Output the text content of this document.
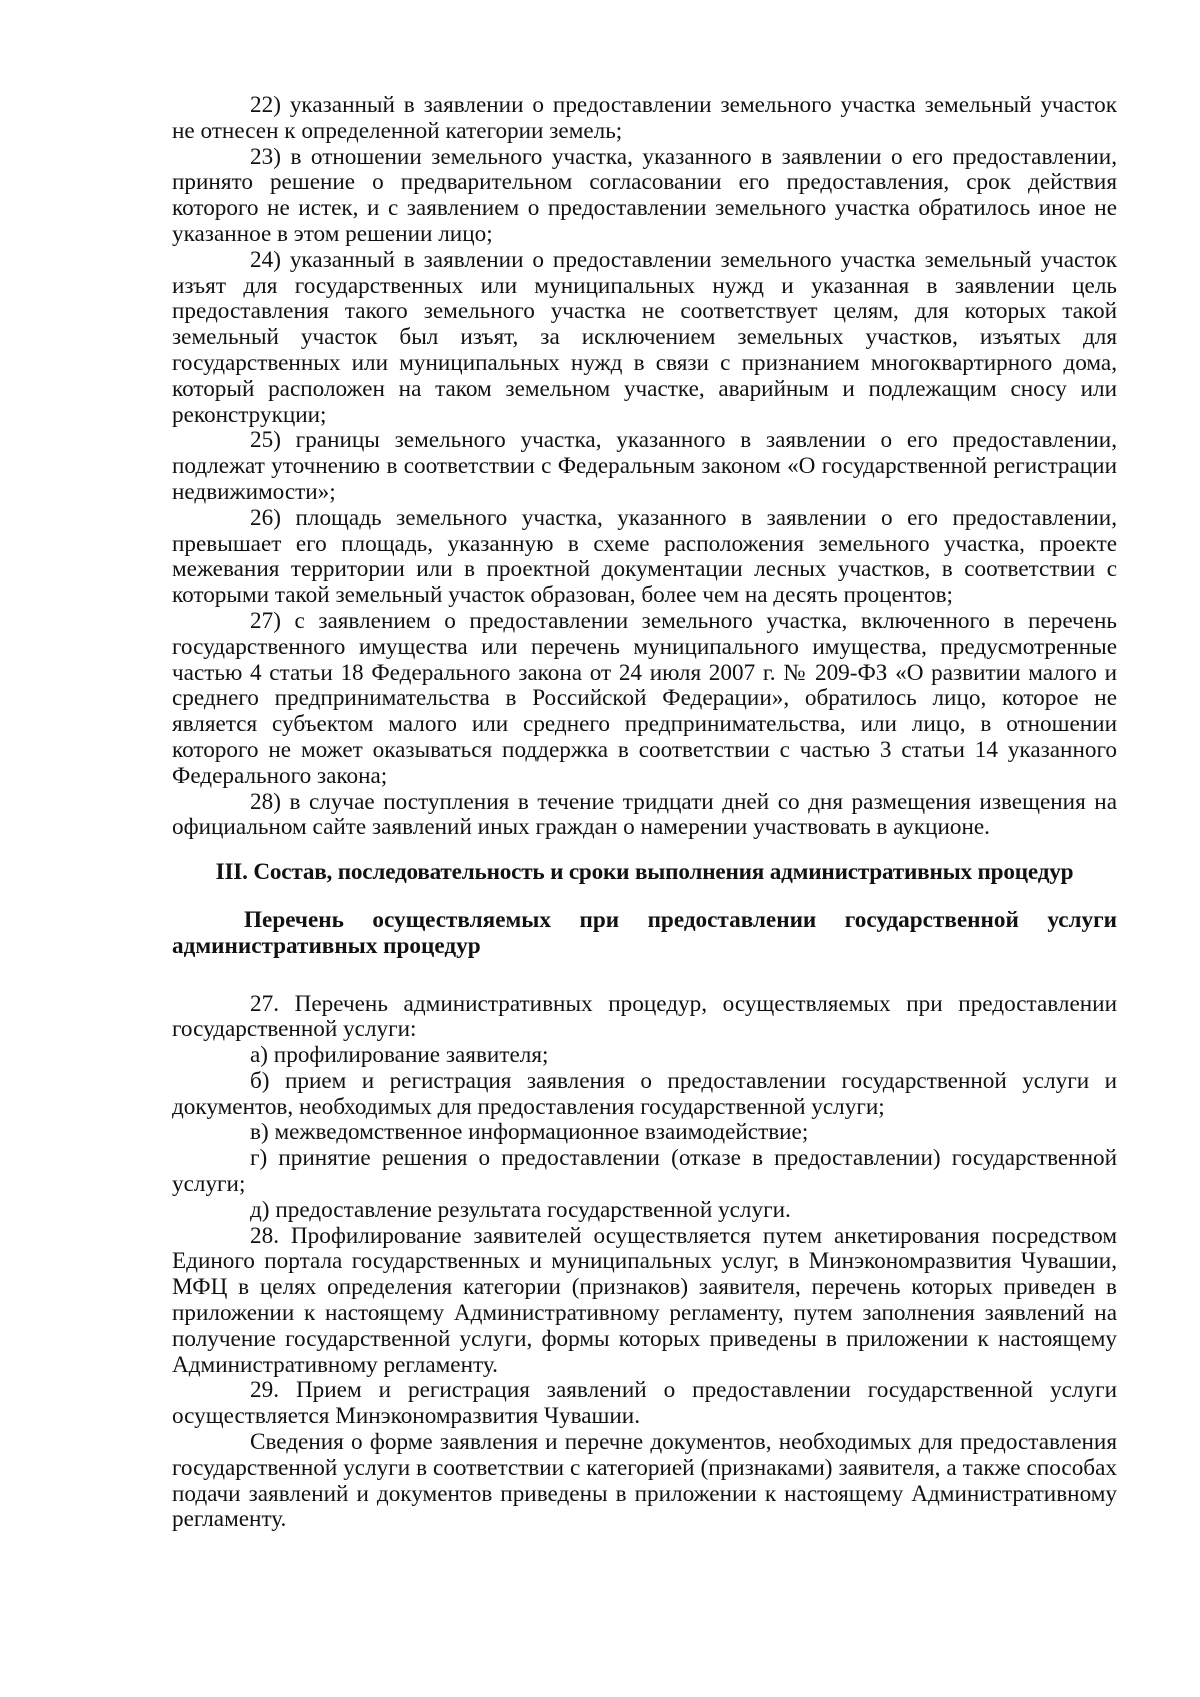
22) указанный в заявлении о предоставлении земельного участка земельный участок не отнесен к определенной категории земель;

23) в отношении земельного участка, указанного в заявлении о его предоставлении, принято решение о предварительном согласовании его предоставления, срок действия которого не истек, и с заявлением о предоставлении земельного участка обратилось иное не указанное в этом решении лицо;

24) указанный в заявлении о предоставлении земельного участка земельный участок изъят для государственных или муниципальных нужд и указанная в заявлении цель предоставления такого земельного участка не соответствует целям, для которых такой земельный участок был изъят, за исключением земельных участков, изъятых для государственных или муниципальных нужд в связи с признанием многоквартирного дома, который расположен на таком земельном участке, аварийным и подлежащим сносу или реконструкции;

25) границы земельного участка, указанного в заявлении о его предоставлении, подлежат уточнению в соответствии с Федеральным законом «О государственной регистрации недвижимости»;

26) площадь земельного участка, указанного в заявлении о его предоставлении, превышает его площадь, указанную в схеме расположения земельного участка, проекте межевания территории или в проектной документации лесных участков, в соответствии с которыми такой земельный участок образован, более чем на десять процентов;

27) с заявлением о предоставлении земельного участка, включенного в перечень государственного имущества или перечень муниципального имущества, предусмотренные частью 4 статьи 18 Федерального закона от 24 июля 2007 г. № 209-ФЗ «О развитии малого и среднего предпринимательства в Российской Федерации», обратилось лицо, которое не является субъектом малого или среднего предпринимательства, или лицо, в отношении которого не может оказываться поддержка в соответствии с частью 3 статьи 14 указанного Федерального закона;

28) в случае поступления в течение тридцати дней со дня размещения извещения на официальном сайте заявлений иных граждан о намерении участвовать в аукционе.

III. Состав, последовательность и сроки выполнения административных процедур

Перечень осуществляемых при предоставлении государственной услуги административных процедур

27. Перечень административных процедур, осуществляемых при предоставлении государственной услуги:

а) профилирование заявителя;

б) прием и регистрация заявления о предоставлении государственной услуги и документов, необходимых для предоставления государственной услуги;

в) межведомственное информационное взаимодействие;

г) принятие решения о предоставлении (отказе в предоставлении) государственной услуги;

д) предоставление результата государственной услуги.

28. Профилирование заявителей осуществляется путем анкетирования посредством Единого портала государственных и муниципальных услуг, в Минэкономразвития Чувашии, МФЦ в целях определения категории (признаков) заявителя, перечень которых приведен в приложении к настоящему Административному регламенту, путем заполнения заявлений на получение государственной услуги, формы которых приведены в приложении к настоящему Административному регламенту.

29. Прием и регистрация заявлений о предоставлении государственной услуги осуществляется Минэкономразвития Чувашии.

Сведения о форме заявления и перечне документов, необходимых для предоставления государственной услуги в соответствии с категорией (признаками) заявителя, а также способах подачи заявлений и документов приведены в приложении к настоящему Административному регламенту.
